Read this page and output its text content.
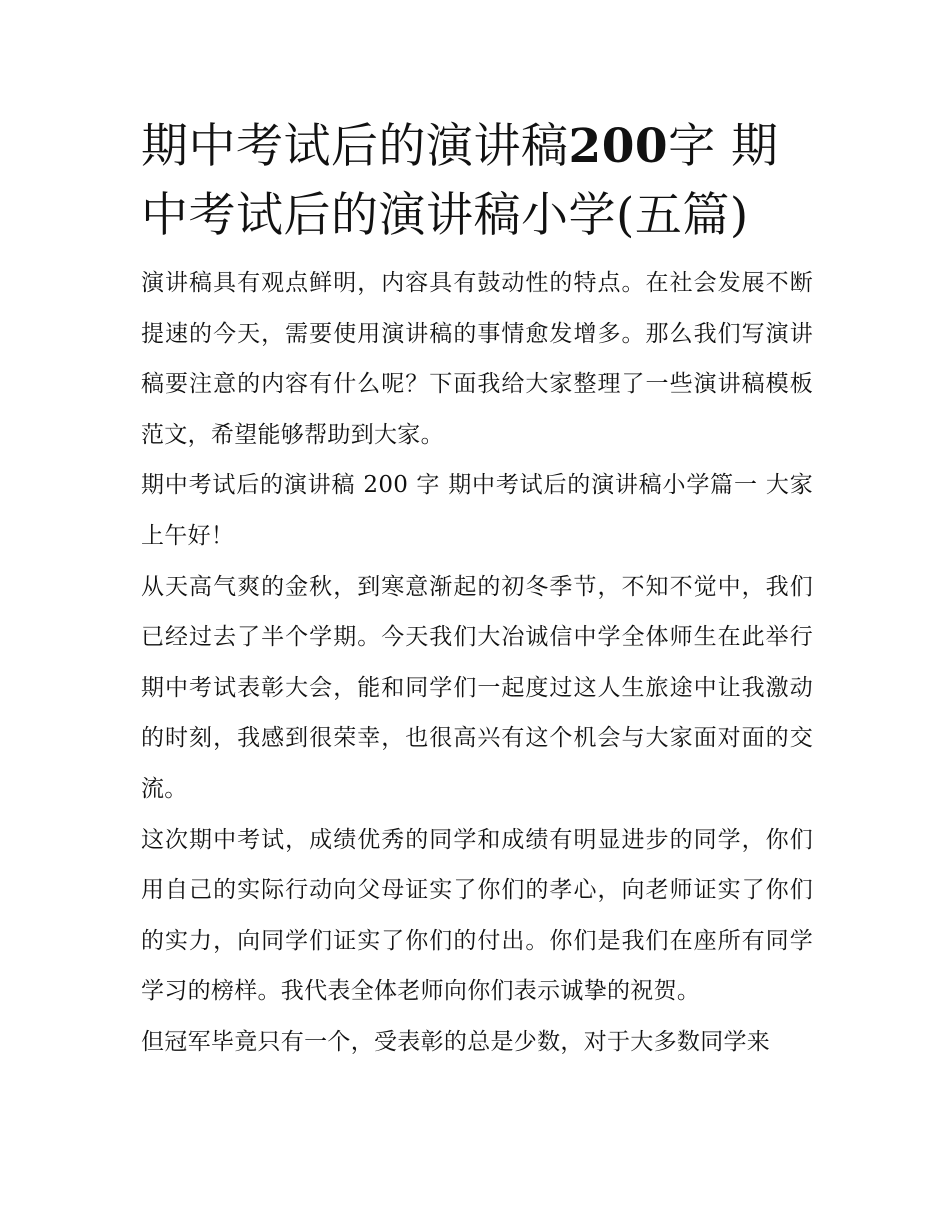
期中考试后的演讲稿200字 期中考试后的演讲稿小学(五篇)

演讲稿具有观点鲜明，内容具有鼓动性的特点。在社会发展不断提速的今天，需要使用演讲稿的事情愈发增多。那么我们写演讲稿要注意的内容有什么呢？下面我给大家整理了一些演讲稿模板范文，希望能够帮助到大家。

期中考试后的演讲稿 200 字 期中考试后的演讲稿小学篇一 大家上午好！

从天高气爽的金秋，到寒意渐起的初冬季节，不知不觉中，我们已经过去了半个学期。今天我们大冶诚信中学全体师生在此举行期中考试表彰大会，能和同学们一起度过这人生旅途中让我激动的时刻，我感到很荣幸，也很高兴有这个机会与大家面对面的交流。

这次期中考试，成绩优秀的同学和成绩有明显进步的同学，你们用自己的实际行动向父母证实了你们的孝心，向老师证实了你们的实力，向同学们证实了你们的付出。你们是我们在座所有同学学习的榜样。我代表全体老师向你们表示诚挚的祝贺。

但冠军毕竟只有一个，受表彰的总是少数，对于大多数同学来
